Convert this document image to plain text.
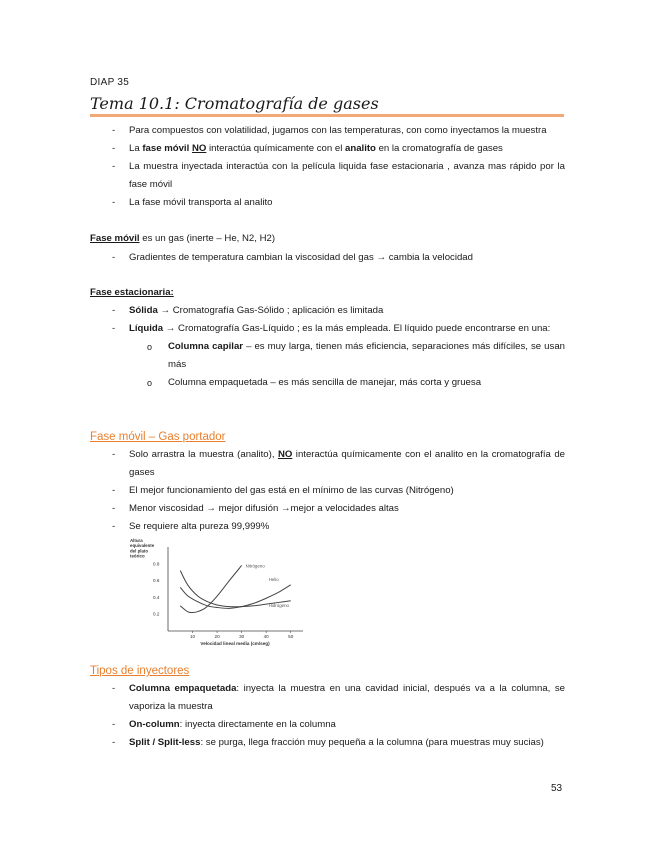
DIAP 35
Tema 10.1: Cromatografía de gases
- Para compuestos con volatilidad, jugamos con las temperaturas, con como inyectamos la muestra
- La fase móvil NO interactúa químicamente con el analito en la cromatografía de gases
- La muestra inyectada interactúa con la película liquida fase estacionaria , avanza mas rápido por la fase móvil
- La fase móvil transporta al analito
Fase móvil es un gas (inerte – He, N2, H2)
- Gradientes de temperatura cambian la viscosidad del gas → cambia la velocidad
Fase estacionaria:
- Sólida → Cromatografía Gas-Sólido ; aplicación es limitada
- Líquida → Cromatografía Gas-Líquido ; es la más empleada. El líquido puede encontrarse en una:
o Columna capilar – es muy larga, tienen más eficiencia, separaciones más difíciles, se usan más
o Columna empaquetada – es más sencilla de manejar, más corta y gruesa
Fase móvil – Gas portador
- Solo arrastra la muestra (analito), NO interactúa químicamente con el analito en la cromatografía de gases
- El mejor funcionamiento del gas está en el mínimo de las curvas (Nitrógeno)
- Menor viscosidad → mejor difusión →mejor a velocidades altas
- Se requiere alta pureza 99,999%
Altura equivalente del plato teórico
0.8
0.6
0.4
0.2
10	20	30	40	50
Nitrógeno
Helio
Hidrógeno
Velocidad lineal media (cm/seg)
Tipos de inyectores
- Columna empaquetada: inyecta la muestra en una cavidad inicial, después va a la columna, se vaporiza la muestra
- On-column: inyecta directamente en la columna
- Split / Split-less: se purga, llega fracción muy pequeña a la columna (para muestras muy sucias)
53
